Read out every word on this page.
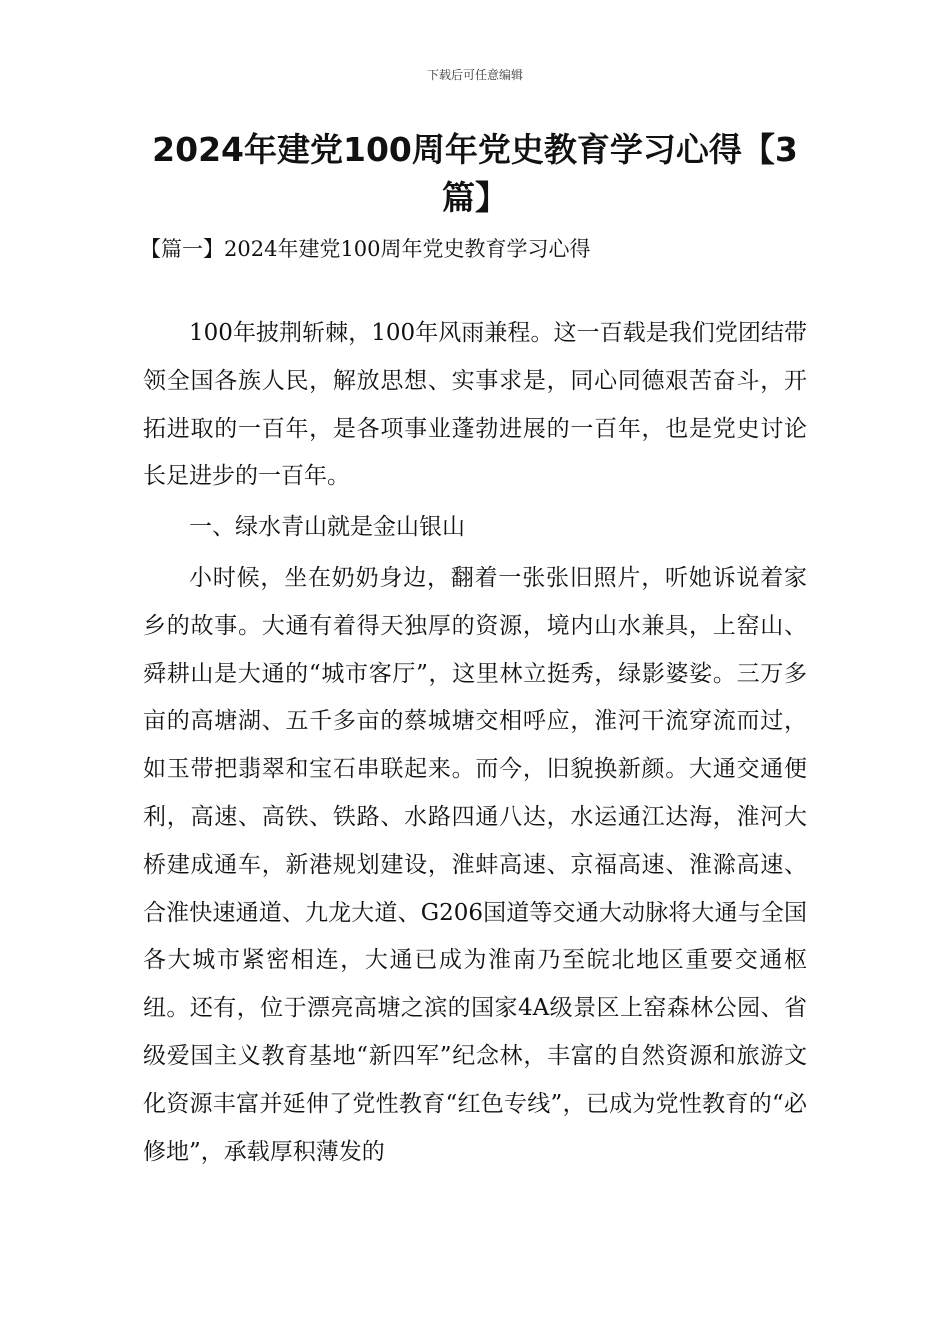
下载后可任意编辑
2024年建党100周年党史教育学习心得【3篇】
【篇一】2024年建党100周年党史教育学习心得

100年披荆斩棘，100年风雨兼程。这一百载是我们党团结带领全国各族人民，解放思想、实事求是，同心同德艰苦奋斗，开拓进取的一百年，是各项事业蓬勃进展的一百年，也是党史讨论长足进步的一百年。

一、绿水青山就是金山银山

小时候，坐在奶奶身边，翻着一张张旧照片，听她诉说着家乡的故事。大通有着得天独厚的资源，境内山水兼具，上窑山、舜耕山是大通的“城市客厅”，这里林立挺秀，绿影婆娑。三万多亩的高塘湖、五千多亩的蔡城塘交相呼应，淮河干流穿流而过，如玉带把翡翠和宝石串联起来。而今，旧貌换新颜。大通交通便利，高速、高铁、铁路、水路四通八达，水运通江达海，淮河大桥建成通车，新港规划建设，淮蚌高速、京福高速、淮滁高速、合淮快速通道、九龙大道、G206国道等交通大动脉将大通与全国各大城市紧密相连，大通已成为淮南乃至皖北地区重要交通枢纽。还有，位于漂亮高塘之滨的国家4A级景区上窑森林公园、省级爱国主义教育基地“新四军”纪念林，丰富的自然资源和旅游文化资源丰富并延伸了党性教育“红色专线”，已成为党性教育的“必修地”，承载厚积薄发的
